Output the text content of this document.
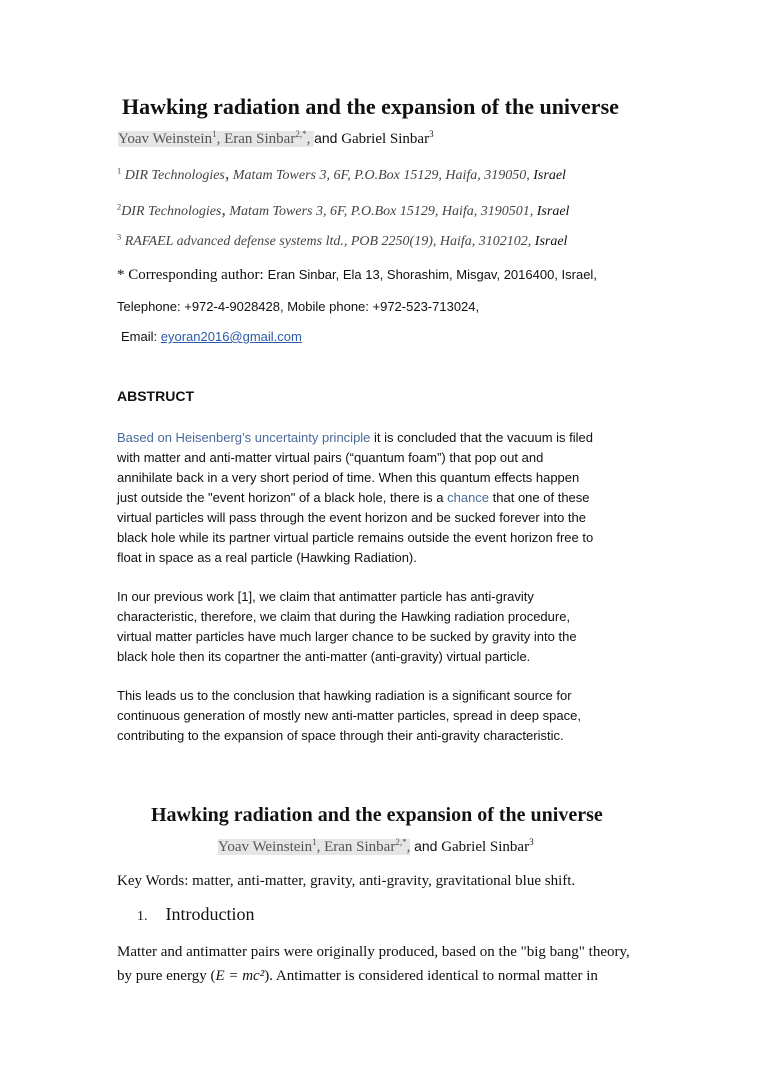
Hawking radiation and the expansion of the universe
Yoav Weinstein$^1$, Eran Sinbar$^{2,*}$, and Gabriel Sinbar$^3$
$^1$ DIR Technologies, Matam Towers 3, 6F, P.O.Box 15129, Haifa, 319050, Israel
$^2$DIR Technologies, Matam Towers 3, 6F, P.O.Box 15129, Haifa, 3190501, Israel
$^3$ RAFAEL advanced defense systems ltd., POB 2250(19), Haifa, 3102102, Israel
* Corresponding author: Eran Sinbar, Ela 13, Shorashim, Misgav, 2016400, Israel,
Telephone: +972-4-9028428, Mobile phone: +972-523-713024,
Email: eyoran2016@gmail.com
ABSTRUCT
Based on Heisenberg’s uncertainty principle it is concluded that the vacuum is filed
with matter and anti-matter virtual pairs (“quantum foam”) that pop out and
annihilate back in a very short period of time. When this quantum effects happen
just outside the "event horizon" of a black hole, there is a chance that one of these
virtual particles will pass through the event horizon and be sucked forever into the
black hole while its partner virtual particle remains outside the event horizon free to
float in space as a real particle (Hawking Radiation).
In our previous work [1], we claim that antimatter particle has anti-gravity
characteristic, therefore, we claim that during the Hawking radiation procedure,
virtual matter particles have much larger chance to be sucked by gravity into the
black hole then its copartner the anti-matter (anti-gravity) virtual particle.
This leads us to the conclusion that hawking radiation is a significant source for
continuous generation of mostly new anti-matter particles, spread in deep space,
contributing to the expansion of space through their anti-gravity characteristic.
Hawking radiation and the expansion of the universe
Yoav Weinstein$^1$, Eran Sinbar$^{2,*}$, and Gabriel Sinbar$^3$
Key Words: matter, anti-matter, gravity, anti-gravity, gravitational blue shift.
1. Introduction
Matter and antimatter pairs were originally produced, based on the "big bang" theory,
by pure energy (E = mc²). Antimatter is considered identical to normal matter in
